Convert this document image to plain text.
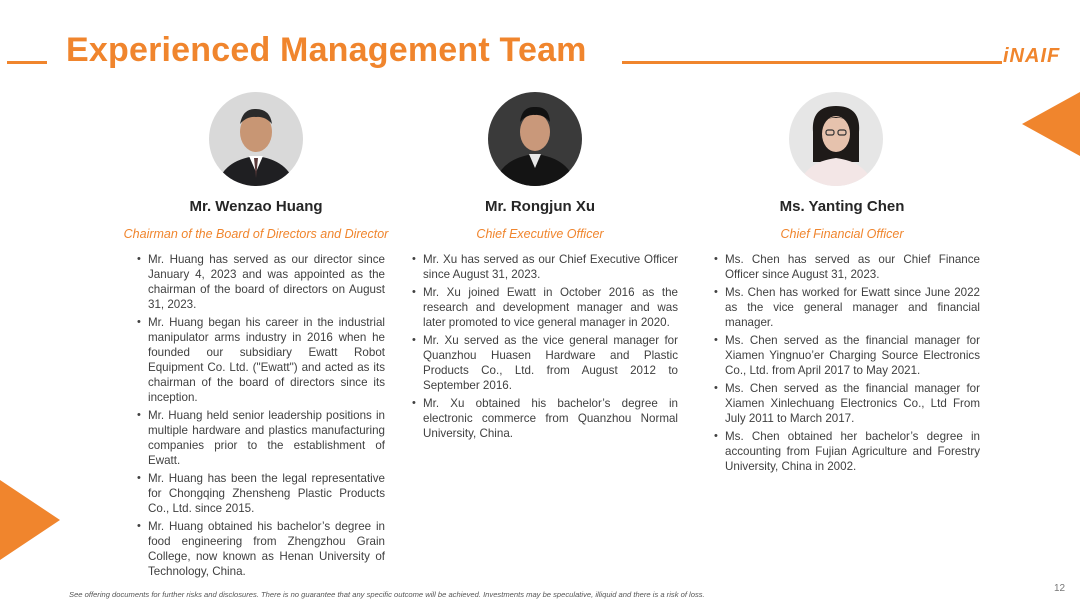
Experienced Management Team	iNAIF
Mr. Wenzao Huang
Chairman of the Board of Directors and Director
• Mr. Huang has served as our director since January 4, 2023 and was appointed as the chairman of the board of directors on August 31, 2023.
• Mr. Huang began his career in the industrial manipulator arms industry in 2016 when he founded our subsidiary Ewatt Robot Equipment Co. Ltd. ("Ewatt") and acted as its chairman of the board of directors since its inception.
• Mr. Huang held senior leadership positions in multiple hardware and plastics manufacturing companies prior to the establishment of Ewatt.
• Mr. Huang has been the legal representative for Chongqing Zhensheng Plastic Products Co., Ltd. since 2015.
• Mr. Huang obtained his bachelor’s degree in food engineering from Zhengzhou Grain College, now known as Henan University of Technology, China.
Mr. Rongjun Xu
Chief Executive Officer
• Mr. Xu has served as our Chief Executive Officer since August 31, 2023.
• Mr. Xu joined Ewatt in October 2016 as the research and development manager and was later promoted to vice general manager in 2020.
• Mr. Xu served as the vice general manager for Quanzhou Huasen Hardware and Plastic Products Co., Ltd. from August 2012 to September 2016.
• Mr. Xu obtained his bachelor’s degree in electronic commerce from Quanzhou Normal University, China.
Ms. Yanting Chen
Chief Financial Officer
• Ms. Chen has served as our Chief Finance Officer since August 31, 2023.
• Ms. Chen has worked for Ewatt since June 2022 as the vice general manager and financial manager.
• Ms. Chen served as the financial manager for Xiamen Yingnuo’er Charging Source Electronics Co., Ltd. from April 2017 to May 2021.
• Ms. Chen served as the financial manager for Xiamen Xinlechuang Electronics Co., Ltd From July 2011 to March 2017.
• Ms. Chen obtained her bachelor’s degree in accounting from Fujian Agriculture and Forestry University, China in 2002.
See offering documents for further risks and disclosures. There is no guarantee that any specific outcome will be achieved. Investments may be speculative, illiquid and there is a risk of loss.
12
